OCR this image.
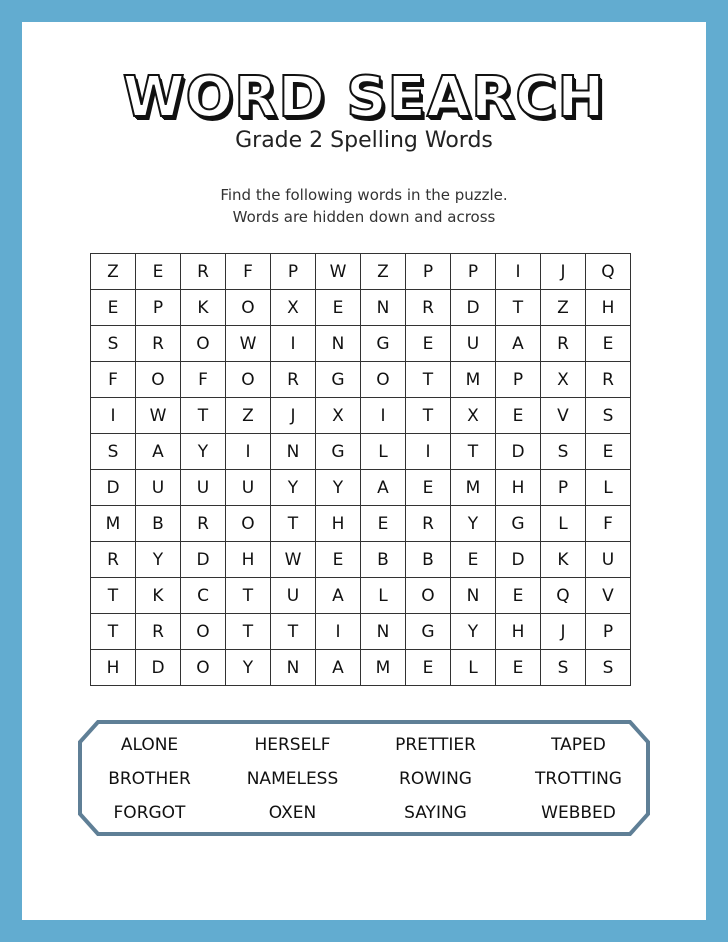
WORD SEARCH
Grade 2 Spelling Words
Find the following words in the puzzle.
Words are hidden down and across
Z	E	R	F	P	W	Z	P	P	I	J	Q
E	P	K	O	X	E	N	R	D	T	Z	H
S	R	O	W	I	N	G	E	U	A	R	E
F	O	F	O	R	G	O	T	M	P	X	R
I	W	T	Z	J	X	I	T	X	E	V	S
S	A	Y	I	N	G	L	I	T	D	S	E
D	U	U	U	Y	Y	A	E	M	H	P	L
M	B	R	O	T	H	E	R	Y	G	L	F
R	Y	D	H	W	E	B	B	E	D	K	U
T	K	C	T	U	A	L	O	N	E	Q	V
T	R	O	T	T	I	N	G	Y	H	J	P
H	D	O	Y	N	A	M	E	L	E	S	S
ALONE	HERSELF	PRETTIER	TAPED
BROTHER	NAMELESS	ROWING	TROTTING
FORGOT	OXEN	SAYING	WEBBED
